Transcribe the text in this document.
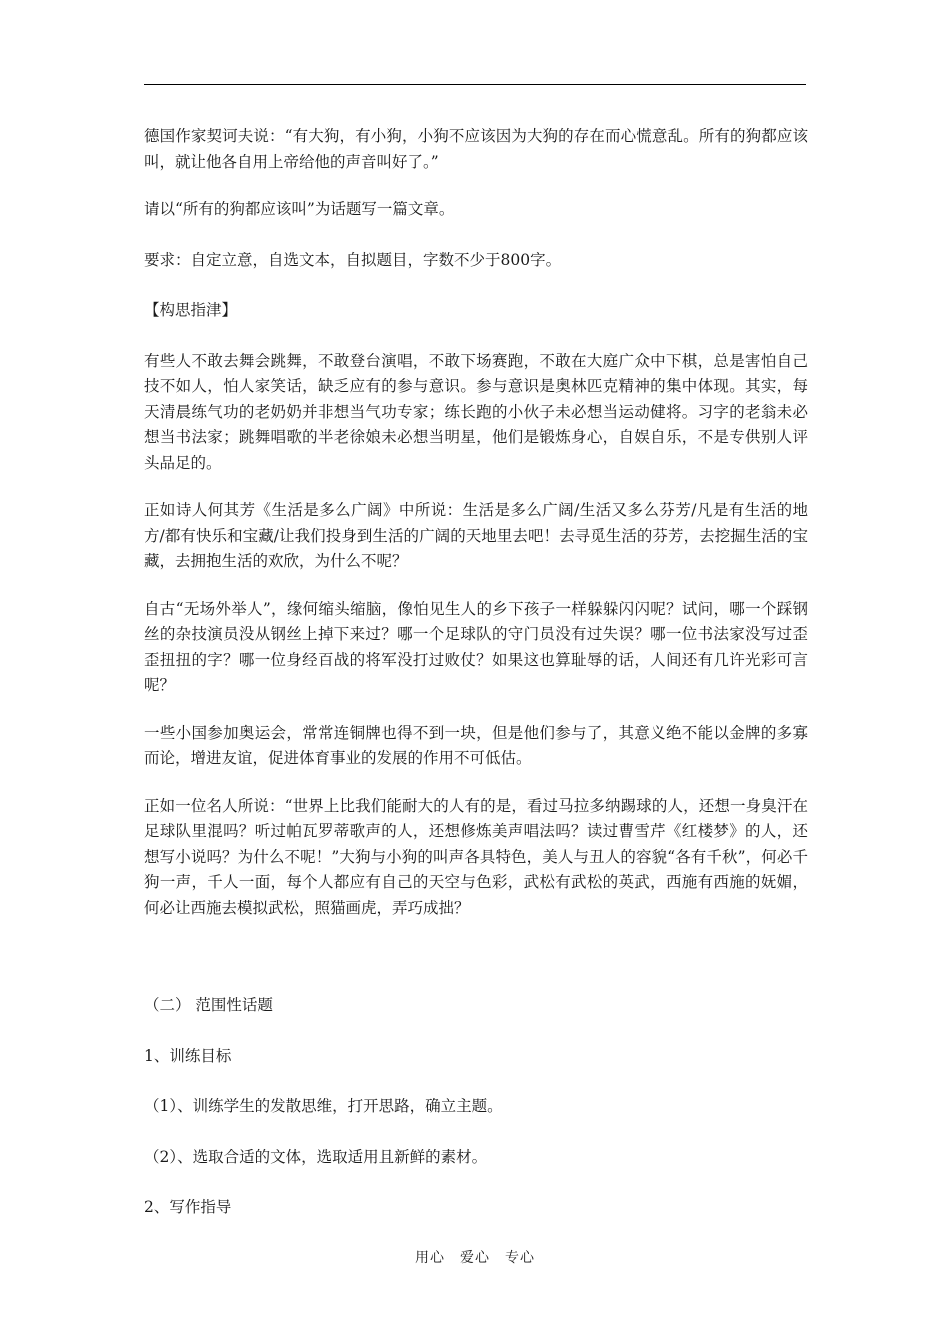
德国作家契诃夫说：“有大狗，有小狗，小狗不应该因为大狗的存在而心慌意乱。所有的狗都应该叫，就让他各自用上帝给他的声音叫好了。”

请以“所有的狗都应该叫”为话题写一篇文章。

要求：自定立意，自选文本，自拟题目，字数不少于800字。

【构思指津】

有些人不敢去舞会跳舞，不敢登台演唱，不敢下场赛跑，不敢在大庭广众中下棋，总是害怕自己技不如人，怕人家笑话，缺乏应有的参与意识。参与意识是奥林匹克精神的集中体现。其实，每天清晨练气功的老奶奶并非想当气功专家；练长跑的小伙子未必想当运动健将。习字的老翁未必想当书法家；跳舞唱歌的半老徐娘未必想当明星，他们是锻炼身心，自娱自乐，不是专供别人评头品足的。

正如诗人何其芳《生活是多么广阔》中所说：生活是多么广阔/生活又多么芬芳/凡是有生活的地方/都有快乐和宝藏/让我们投身到生活的广阔的天地里去吧！去寻觅生活的芬芳，去挖掘生活的宝藏，去拥抱生活的欢欣，为什么不呢？

自古“无场外举人”，缘何缩头缩脑，像怕见生人的乡下孩子一样躲躲闪闪呢？试问，哪一个踩钢丝的杂技演员没从钢丝上掉下来过？哪一个足球队的守门员没有过失误？哪一位书法家没写过歪歪扭扭的字？哪一位身经百战的将军没打过败仗？如果这也算耻辱的话，人间还有几许光彩可言呢？

一些小国参加奥运会，常常连铜牌也得不到一块，但是他们参与了，其意义绝不能以金牌的多寡而论，增进友谊，促进体育事业的发展的作用不可低估。

正如一位名人所说：“世界上比我们能耐大的人有的是，看过马拉多纳踢球的人，还想一身臭汗在足球队里混吗？听过帕瓦罗蒂歌声的人，还想修炼美声唱法吗？读过曹雪芹《红楼梦》的人，还想写小说吗？为什么不呢！”大狗与小狗的叫声各具特色，美人与丑人的容貌“各有千秋”，何必千狗一声，千人一面，每个人都应有自己的天空与色彩，武松有武松的英武，西施有西施的妩媚，何必让西施去模拟武松，照猫画虎，弄巧成拙？

（二） 范围性话题

1、训练目标

（1）、训练学生的发散思维，打开思路，确立主题。

（2）、选取合适的文体，选取适用且新鲜的素材。

2、写作指导

用心　爱心　专心
